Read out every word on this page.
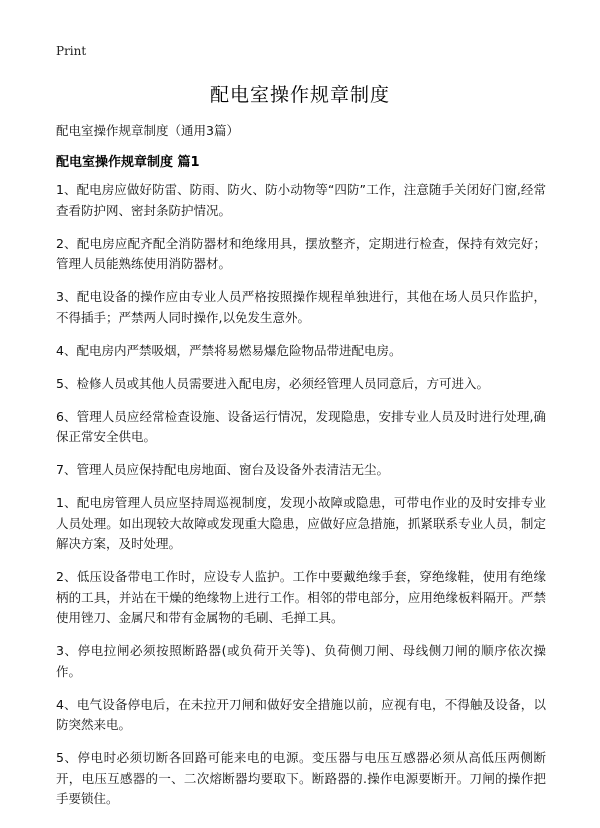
Print
配电室操作规章制度
配电室操作规章制度（通用3篇）
配电室操作规章制度 篇1

1、配电房应做好防雷、防雨、防火、防小动物等“四防”工作，注意随手关闭好门窗,经常查看防护网、密封条防护情况。

2、配电房应配齐配全消防器材和绝缘用具，摆放整齐，定期进行检查，保持有效完好；管理人员能熟练使用消防器材。

3、配电设备的操作应由专业人员严格按照操作规程单独进行，其他在场人员只作监护，不得插手；严禁两人同时操作,以免发生意外。

4、配电房内严禁吸烟，严禁将易燃易爆危险物品带进配电房。

5、检修人员或其他人员需要进入配电房，必须经管理人员同意后，方可进入。

6、管理人员应经常检查设施、设备运行情况，发现隐患，安排专业人员及时进行处理,确保正常安全供电。

7、管理人员应保持配电房地面、窗台及设备外表清洁无尘。

1、配电房管理人员应坚持周巡视制度，发现小故障或隐患，可带电作业的及时安排专业人员处理。如出现较大故障或发现重大隐患，应做好应急措施，抓紧联系专业人员，制定解决方案，及时处理。

2、低压设备带电工作时，应设专人监护。工作中要戴绝缘手套，穿绝缘鞋，使用有绝缘柄的工具，并站在干燥的绝缘物上进行工作。相邻的带电部分，应用绝缘板料隔开。严禁使用锉刀、金属尺和带有金属物的毛刷、毛掸工具。

3、停电拉闸必须按照断路器(或负荷开关等)、负荷侧刀闸、母线侧刀闸的顺序依次操作。

4、电气设备停电后，在未拉开刀闸和做好安全措施以前，应视有电，不得触及设备，以防突然来电。

5、停电时必须切断各回路可能来电的电源。变压器与电压互感器必须从高低压两侧断开，电压互感器的一、二次熔断器均要取下。断路器的.操作电源要断开。刀闸的操作把手要锁住。
